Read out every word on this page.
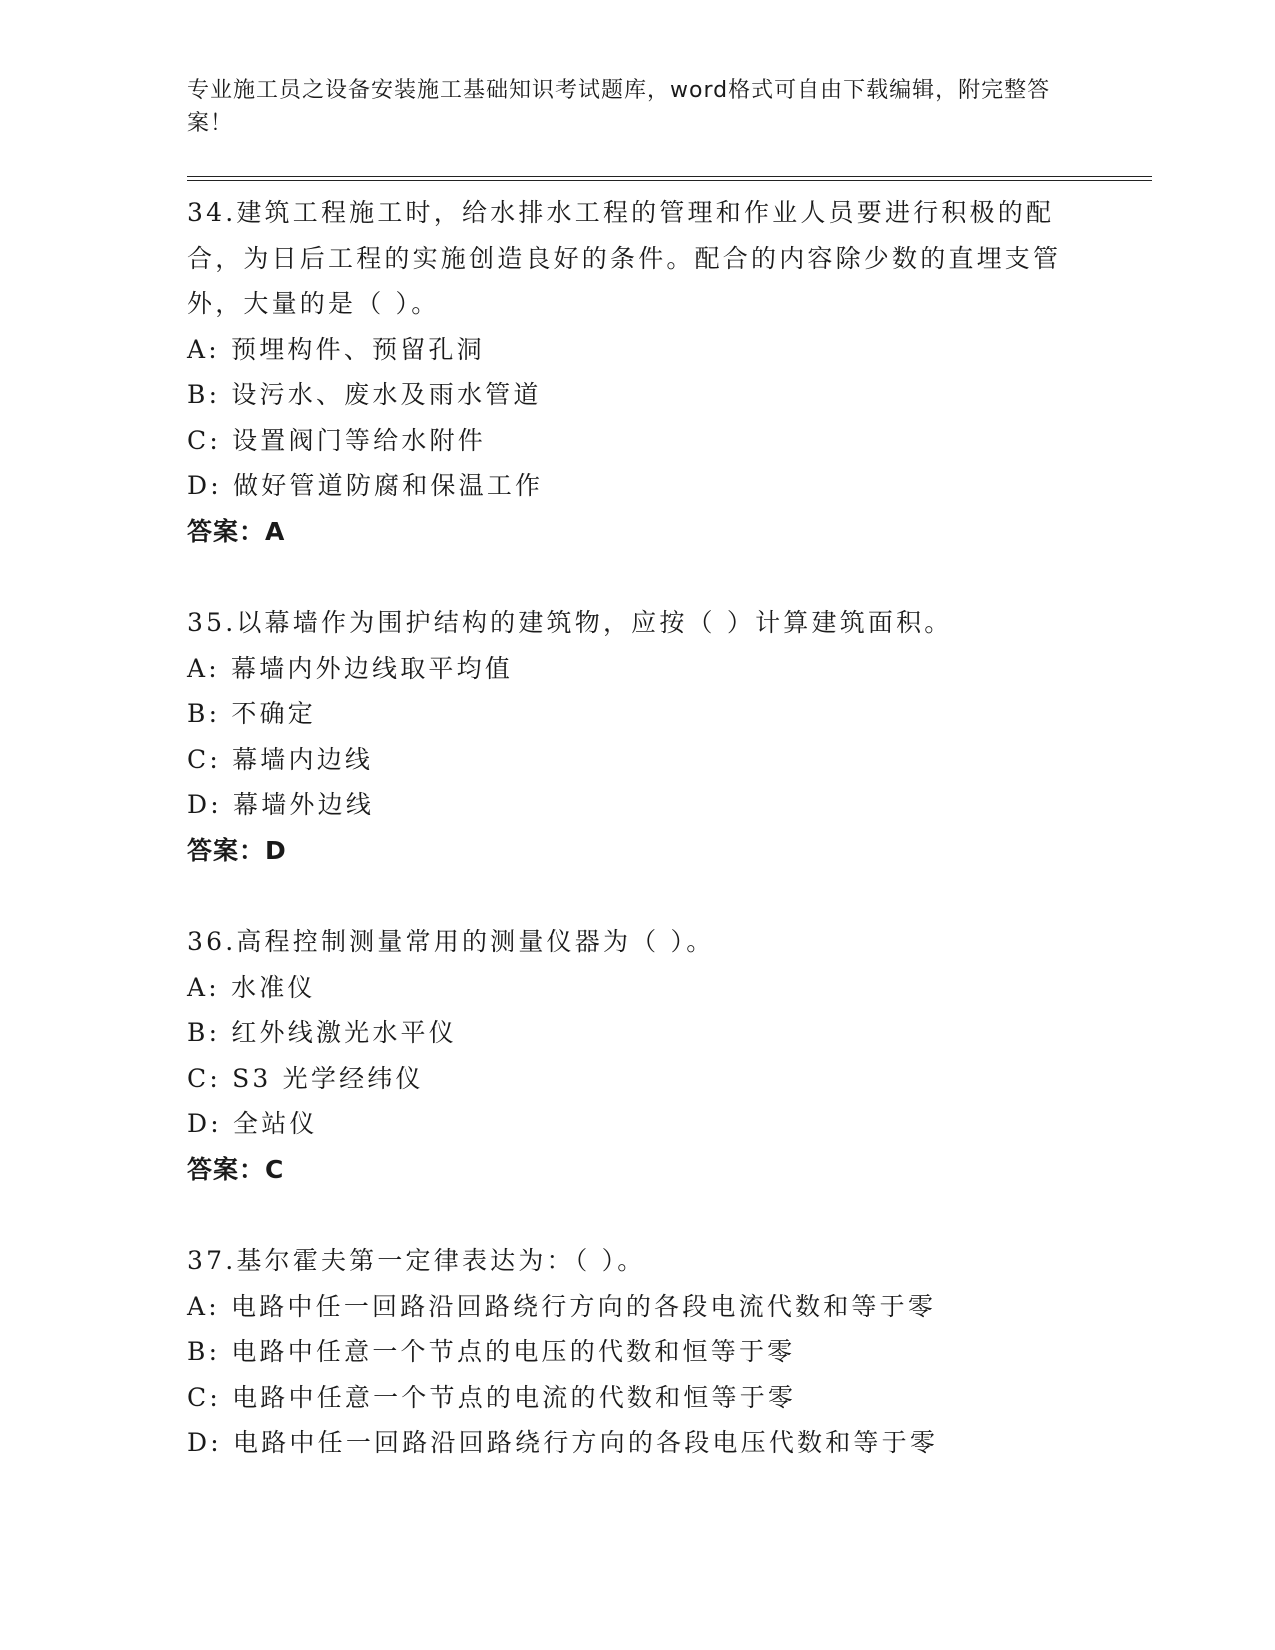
专业施工员之设备安装施工基础知识考试题库，word格式可自由下载编辑，附完整答案！
34.建筑工程施工时，给水排水工程的管理和作业人员要进行积极的配合，为日后工程的实施创造良好的条件。配合的内容除少数的直埋支管外，大量的是（ ）。
A: 预埋构件、预留孔洞
B: 设污水、废水及雨水管道
C: 设置阀门等给水附件
D: 做好管道防腐和保温工作
答案：A
35.以幕墙作为围护结构的建筑物，应按（ ）计算建筑面积。
A: 幕墙内外边线取平均值
B: 不确定
C: 幕墙内边线
D: 幕墙外边线
答案：D
36.高程控制测量常用的测量仪器为（ ）。
A: 水准仪
B: 红外线激光水平仪
C: S3 光学经纬仪
D: 全站仪
答案：C
37.基尔霍夫第一定律表达为：（ ）。
A: 电路中任一回路沿回路绕行方向的各段电流代数和等于零
B: 电路中任意一个节点的电压的代数和恒等于零
C: 电路中任意一个节点的电流的代数和恒等于零
D: 电路中任一回路沿回路绕行方向的各段电压代数和等于零
